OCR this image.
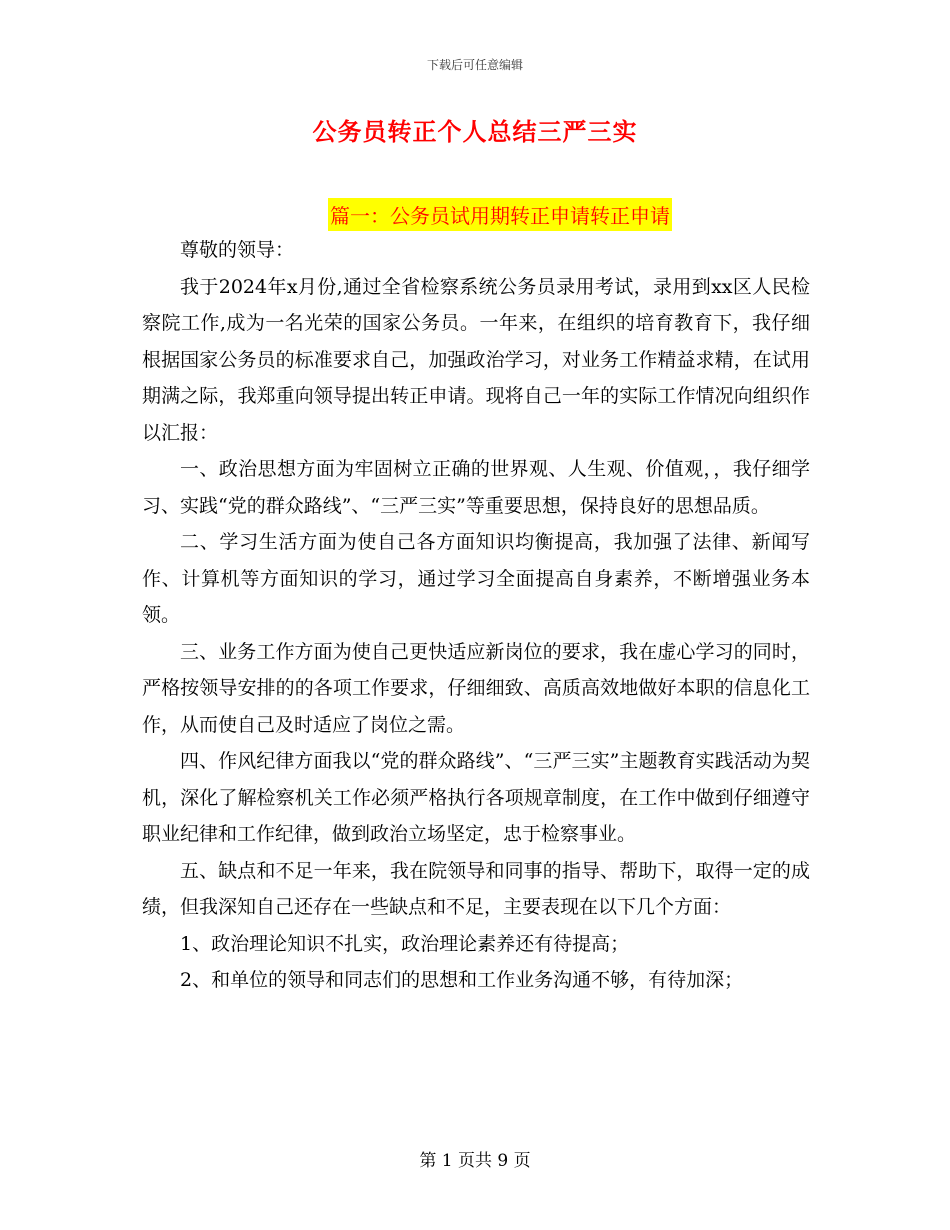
下载后可任意编辑
公务员转正个人总结三严三实
篇一：公务员试用期转正申请转正申请

尊敬的领导：

我于2024年x月份,通过全省检察系统公务员录用考试，录用到xx区人民检察院工作,成为一名光荣的国家公务员。一年来，在组织的培育教育下，我仔细根据国家公务员的标准要求自己，加强政治学习，对业务工作精益求精，在试用期满之际，我郑重向领导提出转正申请。现将自己一年的实际工作情况向组织作以汇报：

一、政治思想方面为牢固树立正确的世界观、人生观、价值观，，我仔细学习、实践“党的群众路线”、“三严三实”等重要思想，保持良好的思想品质。

二、学习生活方面为使自己各方面知识均衡提高，我加强了法律、新闻写作、计算机等方面知识的学习，通过学习全面提高自身素养，不断增强业务本领。

三、业务工作方面为使自己更快适应新岗位的要求，我在虚心学习的同时，严格按领导安排的的各项工作要求，仔细细致、高质高效地做好本职的信息化工作，从而使自己及时适应了岗位之需。

四、作风纪律方面我以“党的群众路线”、“三严三实”主题教育实践活动为契机，深化了解检察机关工作必须严格执行各项规章制度，在工作中做到仔细遵守职业纪律和工作纪律，做到政治立场坚定，忠于检察事业。

五、缺点和不足一年来，我在院领导和同事的指导、帮助下，取得一定的成绩，但我深知自己还存在一些缺点和不足，主要表现在以下几个方面：

1、政治理论知识不扎实，政治理论素养还有待提高；

2、和单位的领导和同志们的思想和工作业务沟通不够，有待加深；

第 1 页共 9 页
